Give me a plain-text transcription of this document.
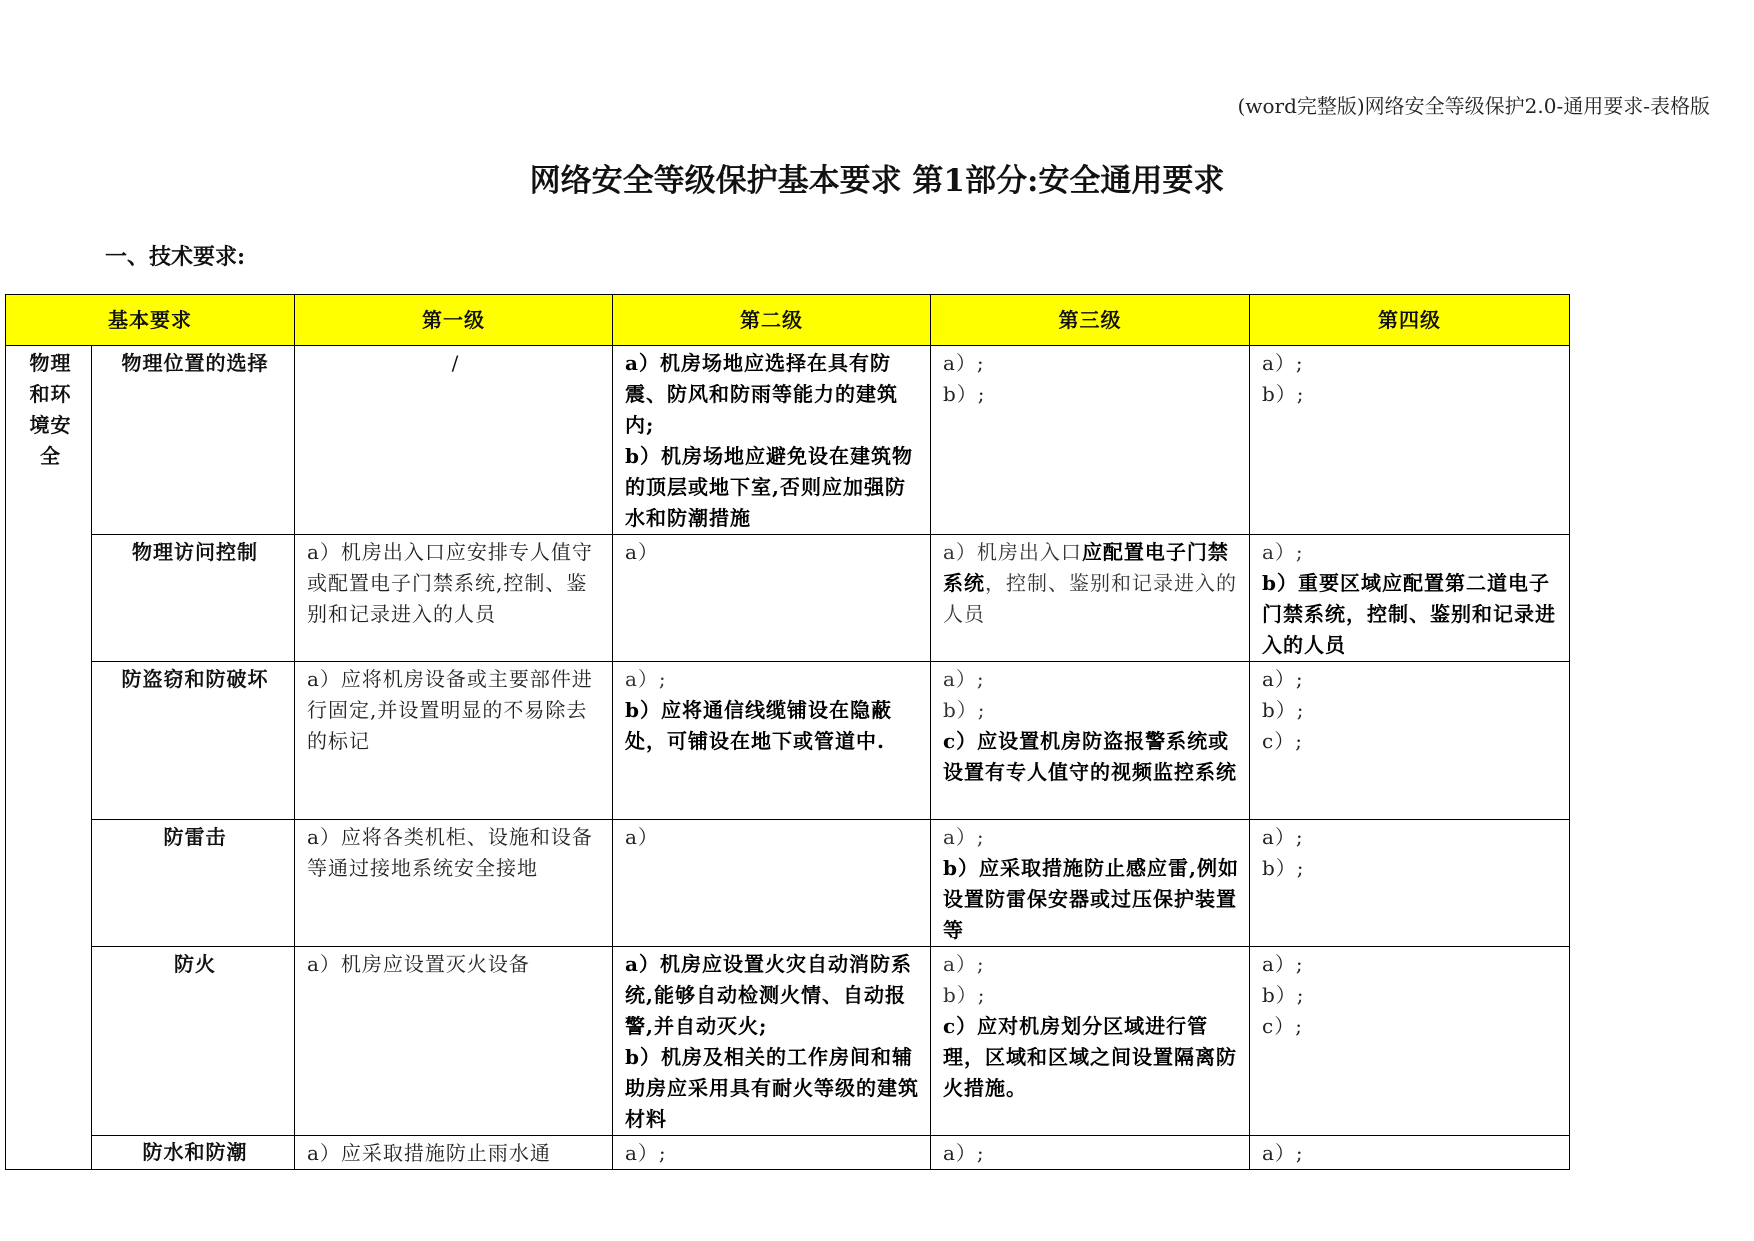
(word完整版)网络安全等级保护2.0-通用要求-表格版
网络安全等级保护基本要求 第1部分:安全通用要求
一、技术要求:
基本要求		第一级	第二级	第三级	第四级
物理和环境安全	物理位置的选择	/	a）机房场地应选择在具有防震、防风和防雨等能力的建筑内;
b）机房场地应避免设在建筑物的顶层或地下室,否则应加强防水和防潮措施	a）;
b）;	a）;
b）;

	物理访问控制	a）机房出入口应安排专人值守或配置电子门禁系统,控制、鉴别和记录进入的人员	a）	a）机房出入口应配置电子门禁系统，控制、鉴别和记录进入的人员	a）;
b）重要区域应配置第二道电子门禁系统，控制、鉴别和记录进入的人员

	防盗窃和防破坏	a）应将机房设备或主要部件进行固定,并设置明显的不易除去的标记	a）;
b）应将通信线缆铺设在隐蔽处，可铺设在地下或管道中.	a）;
b）;
c）应设置机房防盗报警系统或设置有专人值守的视频监控系统	a）;
b）;
c）;

	防雷击	a）应将各类机柜、设施和设备等通过接地系统安全接地	a）	a）;
b）应采取措施防止感应雷,例如设置防雷保安器或过压保护装置等	a）;
b）;

	防火	a）机房应设置灭火设备	a）机房应设置火灾自动消防系统,能够自动检测火情、自动报警,并自动灭火;
b）机房及相关的工作房间和辅助房应采用具有耐火等级的建筑材料	a）;
b）;
c）应对机房划分区域进行管理，区域和区域之间设置隔离防火措施。	a）;
b）;
c）;

	防水和防潮	a）应采取措施防止雨水通	a）;	a）;	a）;
